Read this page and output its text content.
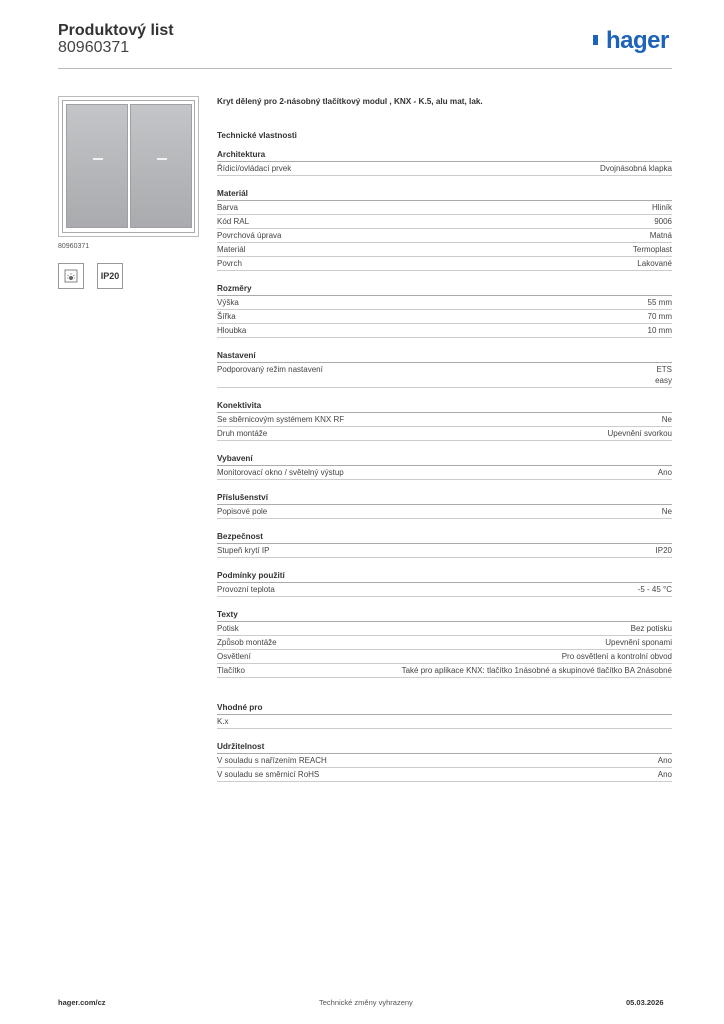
Produktový list
80960371	hager
80960371
IP20
Kryt dělený pro 2-násobný tlačítkový modul , KNX - K.5, alu mat, lak.
Technické vlastnosti
Architektura
Řídicí/ovládací prvek	Dvojnásobná klapka
Materiál
Barva	Hliník
Kód RAL	9006
Povrchová úprava	Matná
Materiál	Termoplast
Povrch	Lakované
Rozměry
Výška	55 mm
Šířka	70 mm
Hloubka	10 mm
Nastavení
Podporovaný režim nastavení	ETS
easy
Konektivita
Se sběrnicovým systémem KNX RF	Ne
Druh montáže	Upevnění svorkou
Vybavení
Monitorovací okno / světelný výstup	Ano
Příslušenství
Popisové pole	Ne
Bezpečnost
Stupeň krytí IP	IP20
Podmínky použití
Provozní teplota	-5 - 45 °C
Texty
Potisk	Bez potisku
Způsob montáže	Upevnění sponami
Osvětlení	Pro osvětlení a kontrolní obvod
Tlačítko	Také pro aplikace KNX: tlačítko 1násobné a skupinové tlačítko BA 2násobné
Vhodné pro
K.x
Udržitelnost
V souladu s nařízením REACH	Ano
V souladu se směrnicí RoHS	Ano
hager.com/cz	Technické změny vyhrazeny	05.03.2026
